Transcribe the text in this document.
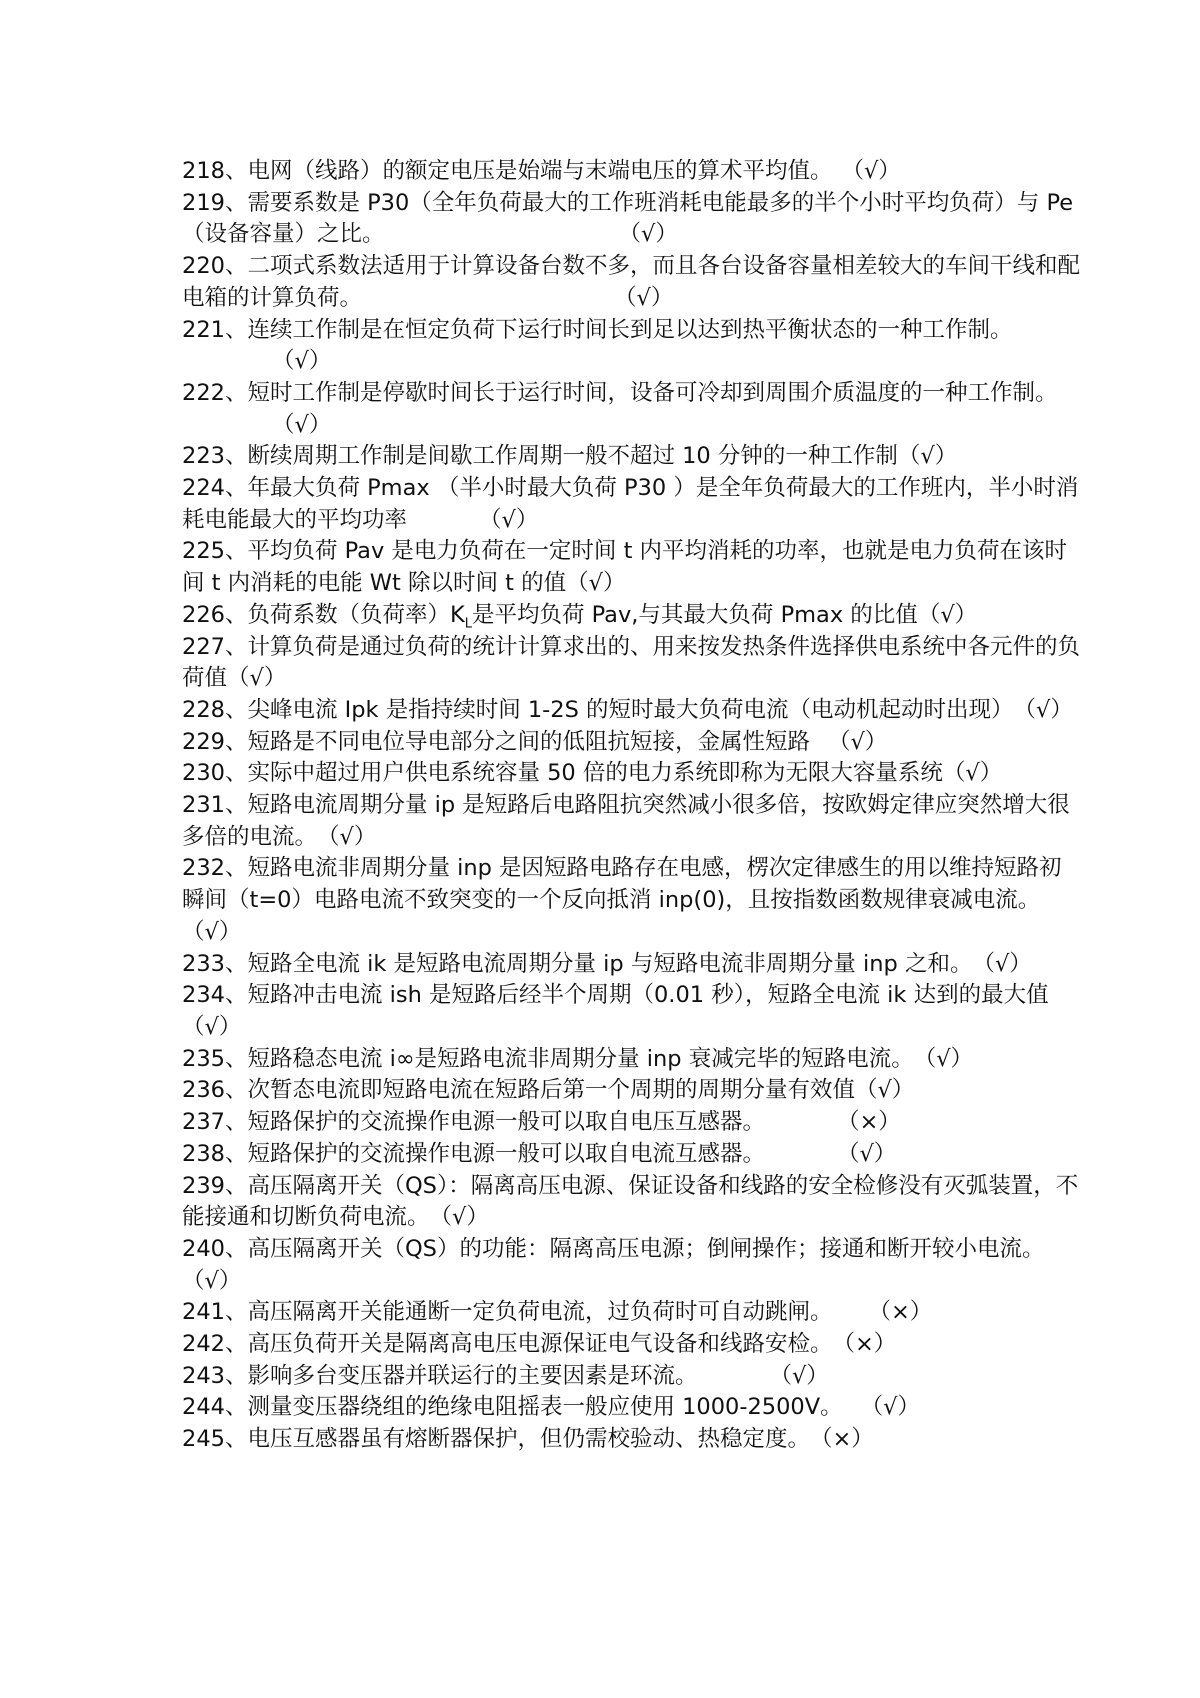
218、电网（线路）的额定电压是始端与末端电压的算术平均值。 （√）

219、需要系数是 P30（全年负荷最大的工作班消耗电能最多的半个小时平均负荷）与 Pe（设备容量）之比。	（√）

220、二项式系数法适用于计算设备台数不多，而且各台设备容量相差较大的车间干线和配电箱的计算负荷。	（√）

221、连续工作制是在恒定负荷下运行时间长到足以达到热平衡状态的一种工作制。（√）

222、短时工作制是停歇时间长于运行时间，设备可冷却到周围介质温度的一种工作制。（√）

223、断续周期工作制是间歇工作周期一般不超过 10 分钟的一种工作制（√）

224、年最大负荷 Pmax （半小时最大负荷 P30 ）是全年负荷最大的工作班内，半小时消耗电能最大的平均功率	（√）

225、平均负荷 Pav 是电力负荷在一定时间 t 内平均消耗的功率，也就是电力负荷在该时间 t 内消耗的电能 Wt 除以时间 t 的值（√）

226、负荷系数（负荷率）$K_L$是平均负荷 Pav,与其最大负荷 Pmax 的比值（√）

227、计算负荷是通过负荷的统计计算求出的、用来按发热条件选择供电系统中各元件的负荷值（√）

228、尖峰电流 Ipk 是指持续时间 1-2S 的短时最大负荷电流（电动机起动时出现）（√）

229、短路是不同电位导电部分之间的低阻抗短接，金属性短路 （√）

230、实际中超过用户供电系统容量 50 倍的电力系统即称为无限大容量系统（√）

231、短路电流周期分量 ip 是短路后电路阻抗突然减小很多倍，按欧姆定律应突然增大很多倍的电流。（√）

232、短路电流非周期分量 inp 是因短路电路存在电感，楞次定律感生的用以维持短路初瞬间（t=0）电路电流不致突变的一个反向抵消 inp(0)，且按指数函数规律衰减电流。（√）

233、短路全电流 ik 是短路电流周期分量 ip 与短路电流非周期分量 inp 之和。（√）

234、短路冲击电流 ish 是短路后经半个周期（0.01 秒），短路全电流 ik 达到的最大值（√）

235、短路稳态电流 i∞是短路电流非周期分量 inp 衰减完毕的短路电流。（√）

236、次暂态电流即短路电流在短路后第一个周期的周期分量有效值（√）

237、短路保护的交流操作电源一般可以取自电压互感器。	（×）

238、短路保护的交流操作电源一般可以取自电流互感器。	（√）

239、高压隔离开关（QS）：隔离高压电源、保证设备和线路的安全检修没有灭弧装置，不能接通和切断负荷电流。（√）

240、高压隔离开关（QS）的功能：隔离高压电源；倒闸操作；接通和断开较小电流。（√）

241、高压隔离开关能通断一定负荷电流，过负荷时可自动跳闸。 （×）

242、高压负荷开关是隔离高电压电源保证电气设备和线路安检。（×）

243、影响多台变压器并联运行的主要因素是环流。	（√）

244、测量变压器绕组的绝缘电阻摇表一般应使用 1000-2500V。 （√）

245、电压互感器虽有熔断器保护，但仍需校验动、热稳定度。（×）
